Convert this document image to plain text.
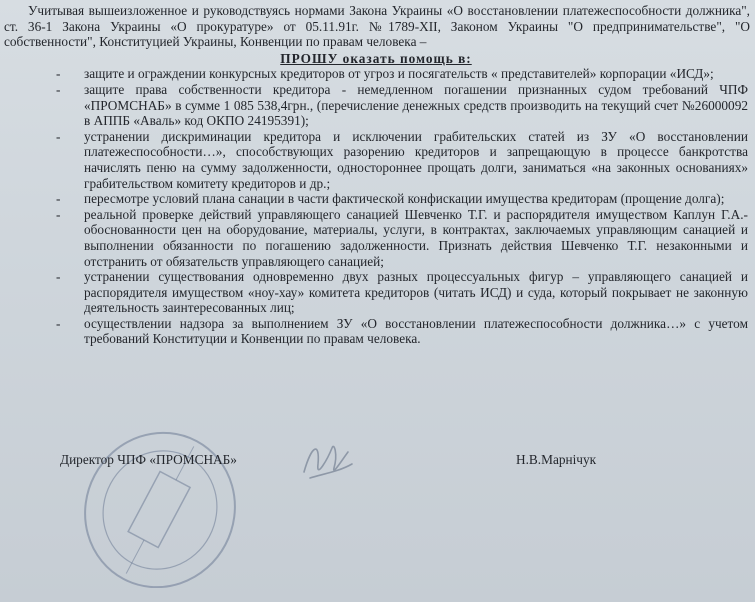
Учитывая вышеизложенное и руководствуясь нормами Закона Украины «О восстановлении платежеспособности должника", ст. 36-1 Закона Украины «О прокуратуре» от 05.11.91г. №1789-XII, Законом Украины "О предпринимательстве", "О собственности", Конституцией Украины, Конвенции по правам человека –

ПРОШУ оказать помощь в:

- защите и ограждении конкурсных кредиторов от угроз и посягательств « представителей» корпорации «ИСД»;
- защите права собственности кредитора - немедленном погашении признанных судом требований ЧПФ «ПРОМСНАБ» в сумме 1 085 538,4грн., (перечисление денежных средств производить на текущий счет №26000092 в АППБ «Аваль» код ОКПО 24195391);
- устранении дискриминации кредитора и исключении грабительских статей из ЗУ «О восстановлении платежеспособности…», способствующих разорению кредиторов и запрещающую в процессе банкротства начислять пеню на сумму задолженности, одностороннее прощать долги, заниматься «на законных основаниях» грабительством комитету кредиторов и др.;
- пересмотре условий плана санации в части фактической конфискации имущества кредиторам (прощение долга);
- реальной проверке действий управляющего санацией Шевченко Т.Г. и распорядителя имуществом Каплун Г.А.- обоснованности цен на оборудование, материалы, услуги, в контрактах, заключаемых управляющим санацией и выполнении обязанности по погашению задолженности. Признать действия Шевченко Т.Г. незаконными и отстранить от обязательств управляющего санацией;
- устранении существования одновременно двух разных процессуальных фигур – управляющего санацией и распорядителя имуществом «ноу-хау» комитета кредиторов (читать ИСД) и суда, который покрывает не законную деятельность заинтересованных лиц;
- осуществлении надзора за выполнением ЗУ «О восстановлении платежеспособности должника…» с учетом требований Конституции и Конвенции по правам человека.
Директор ЧПФ «ПРОМСНАБ»	Н.В.Марнічук
